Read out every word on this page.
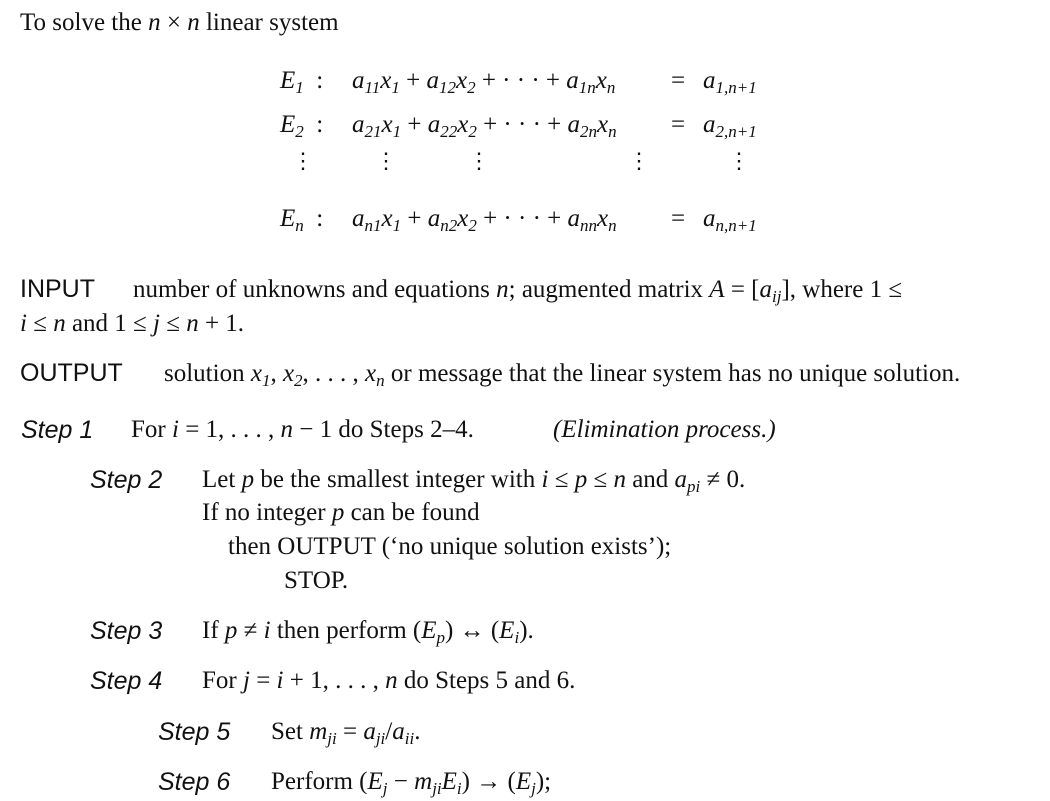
To solve the n × n linear system
$E_1$  : $a_{11}x_1 + a_{12}x_2$ + · · · + $a_{1n}x_n = a_{1,n+1}$
$E_2$  : $a_{21}x_1 + a_{22}x_2$ + · · · + $a_{2n}x_n = a_{2,n+1}$
⋮	⋮	⋮	⋮	⋮
$E_n$  : $a_{n1}x_1 + a_{n2}x_2$ + · · · + $a_{nn}x_n = a_{n,n+1}$
INPUT number of unknowns and equations n; augmented matrix $A = [a_{ij}]$, where 1 ≤
i ≤ n and 1 ≤ j ≤ n + 1.
OUTPUT solution $x_1$, $x_2$, . . . , $x_n$ or message that the linear system has no unique solution.
Step 1 For i = 1, . . . , n − 1 do Steps 2–4.	(Elimination process.)
Step 2 Let p be the smallest integer with i ≤ p ≤ n and $a_{pi} \ne 0$.
If no integer p can be found
then OUTPUT (‘no unique solution exists’);
STOP.
Step 3 If p ≠ i then perform $(E_p)$ ↔ $(E_i)$.
Step 4 For j = i + 1, . . . , n do Steps 5 and 6.
Step 5 Set $m_{ji} = a_{ji}/a_{ii}$.
Step 6 Perform $(E_j - m_{ji}E_i) \to (E_j)$;
